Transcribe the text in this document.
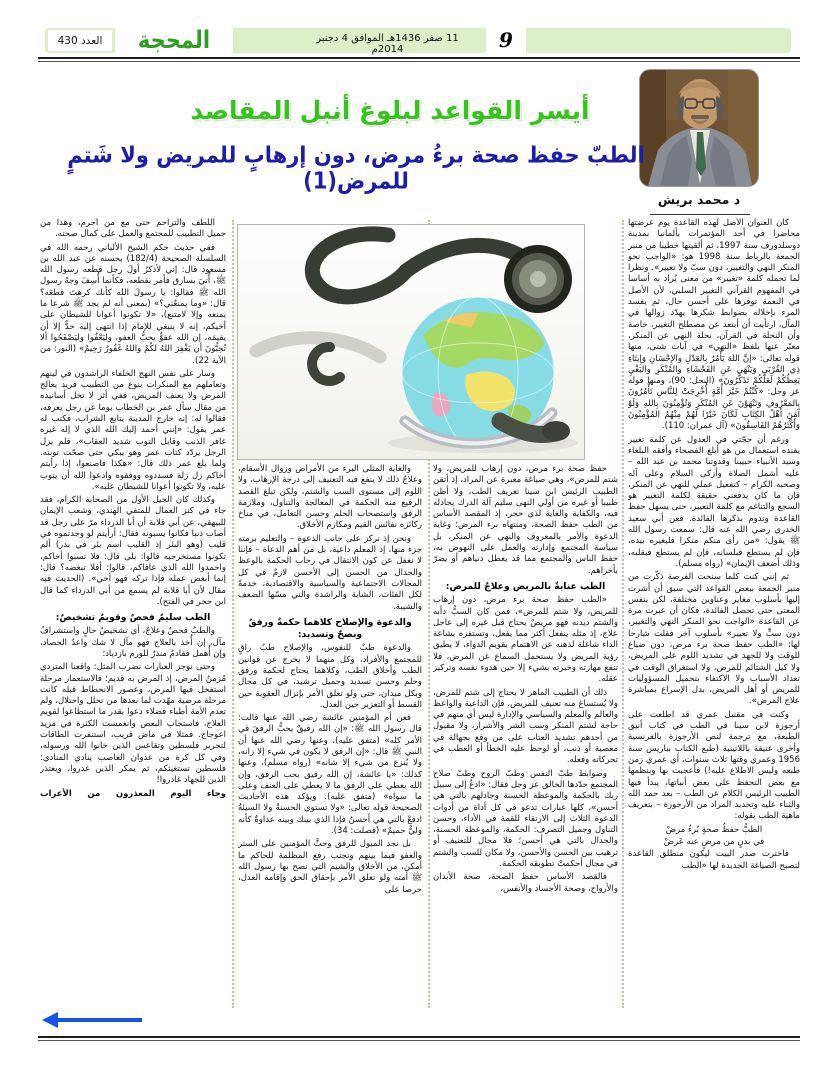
العدد 430 المحجة	11 صفر 1436هـ الموافق 4 دجنبر 2014م	9
د محمد بريش
أيسر القواعد لبلوغ أنبل المقاصد
الطبّ حفظ صحة برءُ مرض، دون إرهابٍ للمريض ولا شَتمٍ للمرض(1)

كان العنوان الأصل لهذه القاعدة يوم عرضتها محاضرا في أحد المؤتمرات بألمانيا بمدينة دوسلدورف سنة 1997، ثم ألقيتها خطيبا من منبر الجمعة بالرباط سنة 1998 هو: «الواجب نحو المنكر النهي والتغيير، دون سبّ ولا تعيير». ونظرا لما تحمله كلمة «تغيير» من معنى يُراد به أساسا في المفهوم القرآني التغيير السلبي، لأن الأصل في النعمة توفرها على أحسن حال، ثم يفسد المرء بإخلاله بضوابط شكرها يهدّد زوالها في المآل، ارتأيت أن أبتعد عن مصطلح التغيير، خاصة وأن النحلة في القرآن، نحلة النهي عن المنكر، معبّر عنها بلفظ «النهي» في آيات شتى، منها قوله تعالى: «إنَّ اللهَ يَأْمُرُ بِالعَدْلِ والإِحْسَانِ وَإِيتَاءِ ذِي القُرْبَى وَيَنْهَى عَنِ الفَحْشَاءِ والمُنْكَرِ والبَغْيِ يَعِظُكُمْ لَعَلَّكُمْ تَذَكَّرُونَ» (النحل: 90)، ومنها قوله عز وجل: «كُنْتُمْ خَيْرَ أُمَّةٍ أُخْرِجَتْ لِلنَّاسِ تَأْمُرُونَ بِالمَعْرُوفِ وَتَنْهَوْنَ عَنِ المُنْكَرِ وَتُؤْمِنُونَ بِاللهِ وَلَوْ آمَنَ أَهْلُ الكِتَابِ لَكَانَ خَيْرًا لَهُمْ مِنْهُمُ المُؤْمِنُونَ وَأَكْثَرُهُمُ الفَاسِقُونَ» (آل عمران: 110).

ورغم أن حجّتي في العدول عن كلمة تغيير يفنده استعمال من هو أبلغ الفصحاء وأفقه البلغاء وسيد الأنبياء حبيبنا وقدوتنا محمد بن عبد الله – عليه أشمل الصلاة وأزكى السلام وعلى آله وصحبه الكرام – كتفعيل عملي للنهي عن المنكر، فإن ما كان يدفعني حقيقة لكلمة التغيير هو السجع والتناغم مع كلمة التعيير، حتى يسهل حفظ القاعدة وتدوم بذكرها الفائدة. فعن أبي سعيد الخدري رضي الله عنه قال: سمعت رسول الله ﷺ يقول: «من رأى منكم منكرا فليغيره بيده، فإن لم يستطع فبلسانه، فإن لم يستطع فبقلبه، وذلك أضعف الإيمان» (رواه مسلم).

ثم إنني كنت كلما سنحت الفرصة ذكّرت من منبر الجمعة ببعض القواعد التي سبق أن أشرت إليها بأسلوب مغاير وعناوين مختلفة، لكن بنفس المعنى حتى تحصل الفائدة، فكان أن عبرت مرة عن القاعدة «الواجب نحو المنكر النهي والتغيير، دون سبٍّ ولا تعيير» بأسلوب آخر فقلت شارحا لها: «الطب حفظ صحة برء مرض، دون ضياع للوقت ولا للجهد في تشديد اللوم على المريض، ولا كيل الشتائم للمرض، ولا استغراق الوقت في تعداد الأسباب ولا الاكتفاء بتحميل المسؤوليات للمريض أو أهل المريض، بدل الإسراع بمباشرة علاج المرض».

وكنت في مقتبل عمري قد اطلعت على أرجوزة لابن سينا في الطب في كتاب أنيق الطبعة، مع ترجمة لنص الأرجوزة بالفرنسية وأخرى عتيقة باللاتينية (طبع الكتاب بباريس سنة 1956 وعمري وقتها ثلاث سنوات، أي عمري زمن طبعه وليس الاطلاع عليه!) فأعجبت بها وبنظمها مع بعض التحفظ على بعض أبياتها، يبدأ فيها الطبيب الرئيس الكلام عن الطب – بعد حمد الله والثناء عليه وتحديد المراد من الأرجوزة – بتعريف ماهية الطب بقوله:

الطبُّ حفظُ صحةٍ بُرءُ مرضْ

في بدنٍ من مرضٍ عنه عَرضْ

فاخترت صدر البيت ليكون منطلق القاعدة لتصبح الصياغة الجديدة لها «الطب

حفظ صحة برء مرض، دون إرهاب للمريض، ولا شتم للمرض»، وهي صياغة معبرة عن المراد، إذ أتقن الطبيب الرئيس ابن سينا تعريف الطب، ولا أظن طبيبا أو غيره من أولي النهى سليم آلة الدرك يجادله فيه، والكفاية والغاية لذي حجر، إذ المقصد الأساس من الطب حفظ الصحة، ومنتهاه برء المرض؛ وغاية الدعوة والأمر بالمعروف والنهي عن المنكر، بل سياسة المجتمع وإدارته والعمل على النهوض به، حفظ الناس والمجتمع مما قد يعطل دنياهم أو يضرّ بأخراهم.

الطب عنايةٌ بالمريض وعلاجٌ للمرض:

«الطب حفظ صحة برء مرض، دون إرهاب للمريض، ولا شتم للمرض»، فمن كان السبُّ دأبه والشتم ديدنه فهو مريضٌ يحتاج قبل غيره إلى عاجل علاج، إذ مثله ينفعل أكثر مما يفعل، وتستفزه بشاعة الداء شاغلة لذهنه عن الاهتمام بقويم الدواء، لا يطيق رؤية المريض ولا يستحمل السماع عن المرض، فلا تنفع مهارته وخبرته بشيء إلا حين هدوء نفسه وتركيز عقله.

ذلك أن الطبيب الماهر لا يحتاج إلى شتم للمرض، ولا يُستساغ منه تعنيف للمريض، فإن الداعية والواعظ والعالم والمعلم والسياسي والإدارة ليس أي منهم في حاجة لشتم المنكر وسب الشر والأشرار، ولا مقبول من أحدهم تشديد العتاب على من وقع بجهالة في معصية أو ذنب، أو لوحظ عليه الخطأ أو العطب في تحركاته وفعله.

وضوابط طبّ النفس وطبّ الروح وطبّ صلاح المجتمع حدّدها الخالق عز وجل فقال: «ادعُ إلى سبيل ربك بالحكمة والموعظة الحسنة وجادلهم بالتي هي أحسن»، كلها عبارات تدعو في كل أداة من أدوات الدعوة الثلاث إلى الارتقاء للقمة في الأداء، وحسن التناول وجميل التصرف: الحكمة، والموعظة الحسنة، والجدال بالتي هي أحسن؛ فلا مجال للتعنيف أو ترهيب بين الحسن والأحسن، ولا مكان للسب والشتم في مجال أحكمتْ تطويقه الحكمة.

فالقصد الأساس حفظ الصحة، صحة الأبدان والأرواح، وصحة الأجساد والأنفس،

والغاية المثلى البرء من الأمراض وزوال الأسقام، وعلاجُ ذلك لا ينفع فيه التعنيف إلى درجة الإرهاب، ولا اللوم إلى مستوى السب والشتم، ولكن تبلغ القصد الرفيع منه الحكمة في المعالجة والتناول، وملازمة الرفق واستصحاب الحلم وحسن التعامل، في مناخ ركائزه نفائس القيم ومكارم الأخلاق.

ونحن إذ نركز على جانب الدعوة – والتعليم برمته جزء منها، إذ المعلم داعية، بل من أهم الدعاة – فإننا لا نغفل عن كون الانتقال في رحاب الحكمة بالوعظ والجدال من الحسن إلى الأحسن لازمٌ في كل المجالات الاجتماعية والسياسية والاقتصادية، خدمةً لكل الفئات، الشابة والراشدة والتي مسّها الضعف والشيبة.

والدعوة والإصلاح كلاهما حكمةٌ ورفقٌ ونصحٌ وتسديد:

والدعوة طبٌ للنفوس، والإصلاح طبٌ راقٍ للمجتمع والأفراد، وكل منهما لا يخرج عن قوانين الطب وأخلاق الطب، وكلاهما يحتاج لحكمة ورفق وحلم وحسن تسديد وجميل ترشيد، في كل مجال وبكل ميدان، حتى ولو تعلق الأمر بإنزال العقوبة حين القسط أو التعزير حين العدل.

فعن أم المؤمنين عائشة رضي الله عنها قالت: قال رسول الله ﷺ: «إن الله رفيقٌ يحبُّ الرفقَ في الأمر كله» (متفق عليه)، وعنها رضي الله عنها أن النبي ﷺ قال: «إن الرفق لا يكون في شيء إلا زانه، ولا يُنزع من شيء إلا شانه» (رواه مسلم)، وعنها كذلك: «يا عائشة، إن الله رفيق يحب الرفق، وإن الله يعطي على الرفق ما لا يعطي على العنف وعلى ما سواه» (متفق عليه). ويؤكد هذه الأحاديث الصحيحة قوله تعالى: «ولا تستوي الحسنةُ ولا السيئةُ ادفعْ بالتي هي أحسنُ فإذا الذي بينك وبينه عداوةٌ كأنه وليٌّ حميمٌ» (فصلت: 34).

بل نجد الميول للرفق وحثَّ المؤمنين على الستر والعفو فيما بينهم وتجنب رفع المظلمة للحاكم ما أمكن، من الأخلاق والشيم التي نصح بها رسول الله ﷺ أمته ولو تعلق الأمر بإحقاق الحق وإقامة العدل، حرصا على

اللطف والتراحم حتى مع من أجرم، وهذا من جميل التطبيب للمجتمع والعمل على كمال صحته.

ففي حديث حكم الشيخ الألباني رحمه الله في السلسلة الصحيحة (182/4) بحسنه عن عبد الله بن مسعود قال: إني لأذكرُ أولَ رجل قطعه رسول الله ﷺ، أُتيَ بسارق فأمر بقطعه، فكأنما أُسِفَ وجهُ رسول الله ﷺ فقالوا: يا رسولَ الله كأنك كرهتَ قطعَه؟ قال: «وما يمنعُني؟» (بمعنى أنه لم يجد ﷺ شرعا ما يمنعه وإلا لامتنع)، «لا تكونوا أعوانا للشيطان على أخيكم، إنه لا ينبغي للإمام إذا انتهى إليه حدٌّ إلا أن يقيمَه، إن الله عفوٌّ يحبُّ العفو، وليَعْفُوا وليَصْفَحُوا ألا تُحِبُّونَ أن يَغْفِرَ اللهُ لكُمْ واللهُ غَفُورٌ رَحِيمٌ» (النور: من الآية 22).

وسار على نفس النهج الخلفاء الراشدون في لينهم وتعاملهم مع المنكرات بنوع من التطبيب فريد يعالج المرض ولا يعنف المريض، ففي أثر لا تخل أسانيده من مقال سأل عمر بن الخطاب يوما عن رجل يعرفه، فقالوا له: إنه خارج المدينة يتابع الشراب، فكتب له عمر يقول: «إنني أحمد إليك الله الذي لا إله غيره غافر الذنب وقابل التوب شديد العقاب»، فلم يزل الرجل يردّد كتاب عمر وهو يبكي حتى صحّت توبته. ولما بلغ عمر ذلك قال: «هكذا فاصنعوا، إذا رأيتم أخاكم زل زلة فسددوه ووفقوه وادعوا الله أن يتوب عليه، ولا تكونوا أعوانا للشيطان عليه».

وكذلك كان الجيل الأول من الصحابة الكرام، فقد جاء في كنز العمال للمتقي الهندي، وشعب الإيمان للبيهقي، عن أبي قلابة أن أبا الدرداء مرّ على رجل قد أصاب ذنبا فكانوا يسبونه فقال: أرأيتم لو وجدتموه في قليب (وهو البئر إذ القليب اسم بئر في بدر) ألم تكونوا مستخرجيه قالوا: بلى قال: فلا تسبوا أخاكم، واحمدوا الله الذي عافاكم، قالوا: أفلا تبغضه؟ قال: إنما أبغض عمله فإذا تركه فهو أخي». (الحديث فيه مقال لأن أبا قلابة لم يسمع من أبي الدرداء كما قال ابن حجر في الفتح).

الطب سليمٌ فحصٌ وقويمٌ تشخيصٌ:

والطبُ فحصٌ وعلاجٌ، أي تشخيصُ حالٍ واستشرافُ مآل، إن أُخذ بالعلاج فهو مآل لا شك واعدُ الحصاد، وإن أُهمل فقادمٌ منذرٌ للورم بازدياد؛

وحتى نوجز العبارات نضرب المثل: واقعنا المتردي مُزمنُ المرض، إذ المرض به قديم؛ فالاستعمار مرحلة استفحل فيها المرض، وعصور الانحطاط قبله كانت مرحلة مرضية مهّدت لما بعدها من تحلل واحتلال، ولم تعدم الأمة أطباء فضلاء دعوا بقدر ما استطاعوا لقويم العلاج، فاستجاب البعض وانغمست الكثرة في مزيد اعوجاج. فمثلا في ماض قريب، استنفرت الطاقات لتحرير فلسطين وتقاعس الذين خانوا الله ورسوله، وفي كل كرة من عدوان الغاصب ينادي المنادي: فلسطين تستغيثكم، ثم يمكر الذين غدروا، ويعتذر الذين للجهاد غادروا!

وجاء اليوم المعذرون من الأعراب
